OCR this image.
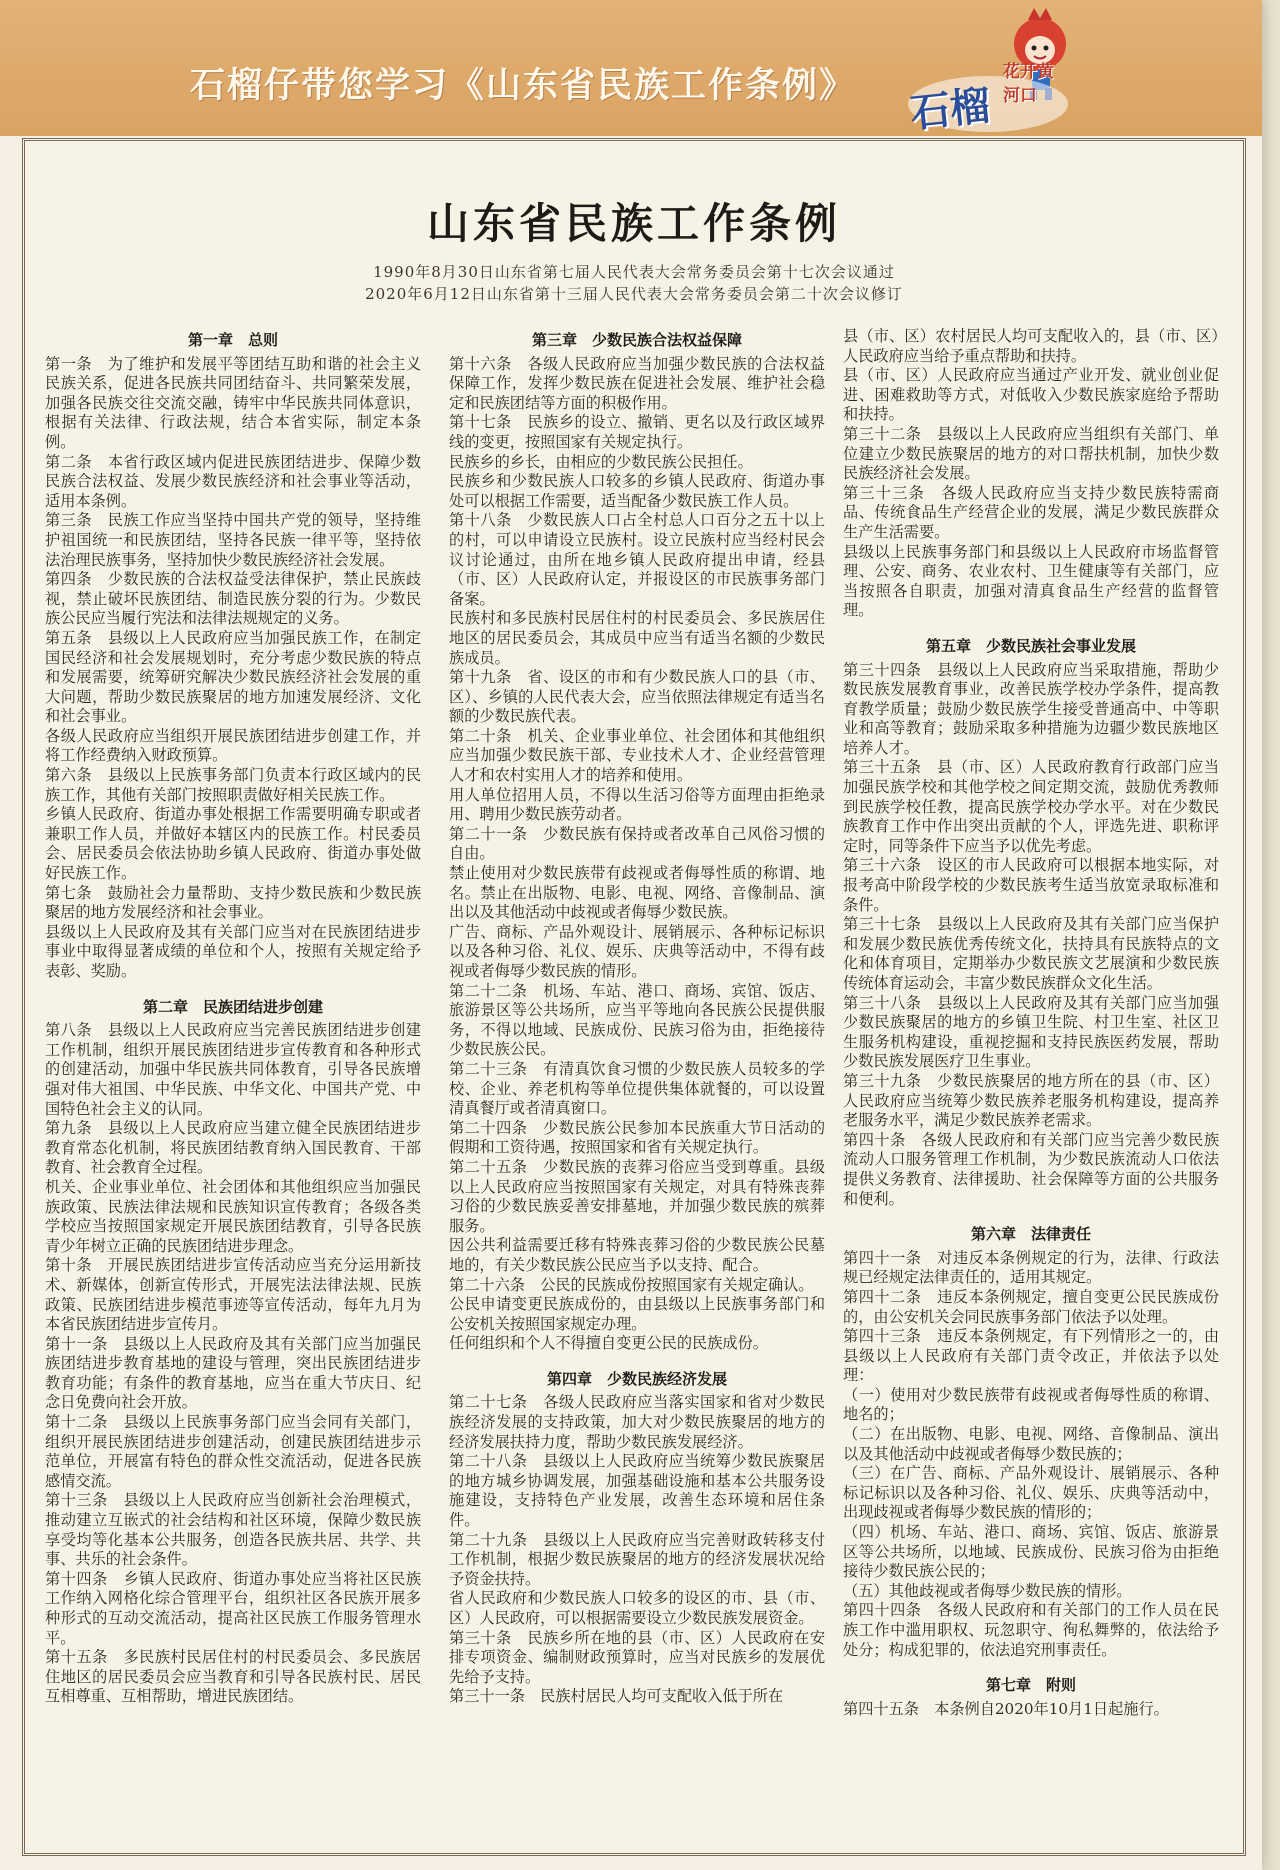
石榴仔带您学习《山东省民族工作条例》 石榴
花开黄河口
山东省民族工作条例
1990年8月30日山东省第七届人民代表大会常务委员会第十七次会议通过
2020年6月12日山东省第十三届人民代表大会常务委员会第二十次会议修订
第一章　总则

第一条　为了维护和发展平等团结互助和谐的社会主义民族关系，促进各民族共同团结奋斗、共同繁荣发展，加强各民族交往交流交融，铸牢中华民族共同体意识，根据有关法律、行政法规，结合本省实际，制定本条例。

第二条　本省行政区域内促进民族团结进步、保障少数民族合法权益、发展少数民族经济和社会事业等活动，适用本条例。

第三条　民族工作应当坚持中国共产党的领导，坚持维护祖国统一和民族团结，坚持各民族一律平等，坚持依法治理民族事务，坚持加快少数民族经济社会发展。

第四条　少数民族的合法权益受法律保护，禁止民族歧视，禁止破坏民族团结、制造民族分裂的行为。少数民族公民应当履行宪法和法律法规规定的义务。

第五条　县级以上人民政府应当加强民族工作，在制定国民经济和社会发展规划时，充分考虑少数民族的特点和发展需要，统筹研究解决少数民族经济社会发展的重大问题，帮助少数民族聚居的地方加速发展经济、文化和社会事业。

各级人民政府应当组织开展民族团结进步创建工作，并将工作经费纳入财政预算。

第六条　县级以上民族事务部门负责本行政区域内的民族工作，其他有关部门按照职责做好相关民族工作。

乡镇人民政府、街道办事处根据工作需要明确专职或者兼职工作人员，并做好本辖区内的民族工作。村民委员会、居民委员会依法协助乡镇人民政府、街道办事处做好民族工作。

第七条　鼓励社会力量帮助、支持少数民族和少数民族聚居的地方发展经济和社会事业。

县级以上人民政府及其有关部门应当对在民族团结进步事业中取得显著成绩的单位和个人，按照有关规定给予表彰、奖励。

第二章　民族团结进步创建

第八条　县级以上人民政府应当完善民族团结进步创建工作机制，组织开展民族团结进步宣传教育和各种形式的创建活动，加强中华民族共同体教育，引导各民族增强对伟大祖国、中华民族、中华文化、中国共产党、中国特色社会主义的认同。

第九条　县级以上人民政府应当建立健全民族团结进步教育常态化机制，将民族团结教育纳入国民教育、干部教育、社会教育全过程。

机关、企业事业单位、社会团体和其他组织应当加强民族政策、民族法律法规和民族知识宣传教育；各级各类学校应当按照国家规定开展民族团结教育，引导各民族青少年树立正确的民族团结进步理念。

第十条　开展民族团结进步宣传活动应当充分运用新技术、新媒体，创新宣传形式，开展宪法法律法规、民族政策、民族团结进步模范事迹等宣传活动，每年九月为本省民族团结进步宣传月。

第十一条　县级以上人民政府及其有关部门应当加强民族团结进步教育基地的建设与管理，突出民族团结进步教育功能；有条件的教育基地，应当在重大节庆日、纪念日免费向社会开放。

第十二条　县级以上民族事务部门应当会同有关部门，组织开展民族团结进步创建活动，创建民族团结进步示范单位，开展富有特色的群众性交流活动，促进各民族感情交流。

第十三条　县级以上人民政府应当创新社会治理模式，推动建立互嵌式的社会结构和社区环境，保障少数民族享受均等化基本公共服务，创造各民族共居、共学、共事、共乐的社会条件。

第十四条　乡镇人民政府、街道办事处应当将社区民族工作纳入网格化综合管理平台，组织社区各民族开展多种形式的互动交流活动，提高社区民族工作服务管理水平。

第十五条　多民族村民居住村的村民委员会、多民族居住地区的居民委员会应当教育和引导各民族村民、居民互相尊重、互相帮助，增进民族团结。

第三章　少数民族合法权益保障

第十六条　各级人民政府应当加强少数民族的合法权益保障工作，发挥少数民族在促进社会发展、维护社会稳定和民族团结等方面的积极作用。

第十七条　民族乡的设立、撤销、更名以及行政区域界线的变更，按照国家有关规定执行。

民族乡的乡长，由相应的少数民族公民担任。

民族乡和少数民族人口较多的乡镇人民政府、街道办事处可以根据工作需要，适当配备少数民族工作人员。

第十八条　少数民族人口占全村总人口百分之五十以上的村，可以申请设立民族村。设立民族村应当经村民会议讨论通过，由所在地乡镇人民政府提出申请，经县（市、区）人民政府认定，并报设区的市民族事务部门备案。

民族村和多民族村民居住村的村民委员会、多民族居住地区的居民委员会，其成员中应当有适当名额的少数民族成员。

第十九条　省、设区的市和有少数民族人口的县（市、区）、乡镇的人民代表大会，应当依照法律规定有适当名额的少数民族代表。

第二十条　机关、企业事业单位、社会团体和其他组织应当加强少数民族干部、专业技术人才、企业经营管理人才和农村实用人才的培养和使用。

用人单位招用人员，不得以生活习俗等方面理由拒绝录用、聘用少数民族劳动者。

第二十一条　少数民族有保持或者改革自己风俗习惯的自由。

禁止使用对少数民族带有歧视或者侮辱性质的称谓、地名。禁止在出版物、电影、电视、网络、音像制品、演出以及其他活动中歧视或者侮辱少数民族。

广告、商标、产品外观设计、展销展示、各种标记标识以及各种习俗、礼仪、娱乐、庆典等活动中，不得有歧视或者侮辱少数民族的情形。

第二十二条　机场、车站、港口、商场、宾馆、饭店、旅游景区等公共场所，应当平等地向各民族公民提供服务，不得以地域、民族成份、民族习俗为由，拒绝接待少数民族公民。

第二十三条　有清真饮食习惯的少数民族人员较多的学校、企业、养老机构等单位提供集体就餐的，可以设置清真餐厅或者清真窗口。

第二十四条　少数民族公民参加本民族重大节日活动的假期和工资待遇，按照国家和省有关规定执行。

第二十五条　少数民族的丧葬习俗应当受到尊重。县级以上人民政府应当按照国家有关规定，对具有特殊丧葬习俗的少数民族妥善安排墓地，并加强少数民族的殡葬服务。

因公共利益需要迁移有特殊丧葬习俗的少数民族公民墓地的，有关少数民族公民应当予以支持、配合。

第二十六条　公民的民族成份按照国家有关规定确认。

公民申请变更民族成份的，由县级以上民族事务部门和公安机关按照国家规定办理。

任何组织和个人不得擅自变更公民的民族成份。

第四章　少数民族经济发展

第二十七条　各级人民政府应当落实国家和省对少数民族经济发展的支持政策，加大对少数民族聚居的地方的经济发展扶持力度，帮助少数民族发展经济。

第二十八条　县级以上人民政府应当统筹少数民族聚居的地方城乡协调发展，加强基础设施和基本公共服务设施建设，支持特色产业发展，改善生态环境和居住条件。

第二十九条　县级以上人民政府应当完善财政转移支付工作机制，根据少数民族聚居的地方的经济发展状况给予资金扶持。

省人民政府和少数民族人口较多的设区的市、县（市、区）人民政府，可以根据需要设立少数民族发展资金。

第三十条　民族乡所在地的县（市、区）人民政府在安排专项资金、编制财政预算时，应当对民族乡的发展优先给予支持。

第三十一条　民族村居民人均可支配收入低于所在

县（市、区）农村居民人均可支配收入的，县（市、区）人民政府应当给予重点帮助和扶持。

县（市、区）人民政府应当通过产业开发、就业创业促进、困难救助等方式，对低收入少数民族家庭给予帮助和扶持。

第三十二条　县级以上人民政府应当组织有关部门、单位建立少数民族聚居的地方的对口帮扶机制，加快少数民族经济社会发展。

第三十三条　各级人民政府应当支持少数民族特需商品、传统食品生产经营企业的发展，满足少数民族群众生产生活需要。

县级以上民族事务部门和县级以上人民政府市场监督管理、公安、商务、农业农村、卫生健康等有关部门，应当按照各自职责，加强对清真食品生产经营的监督管理。

第五章　少数民族社会事业发展

第三十四条　县级以上人民政府应当采取措施，帮助少数民族发展教育事业，改善民族学校办学条件，提高教育教学质量；鼓励少数民族学生接受普通高中、中等职业和高等教育；鼓励采取多种措施为边疆少数民族地区培养人才。

第三十五条　县（市、区）人民政府教育行政部门应当加强民族学校和其他学校之间定期交流，鼓励优秀教师到民族学校任教，提高民族学校办学水平。对在少数民族教育工作中作出突出贡献的个人，评选先进、职称评定时，同等条件下应当予以优先考虑。

第三十六条　设区的市人民政府可以根据本地实际，对报考高中阶段学校的少数民族考生适当放宽录取标准和条件。

第三十七条　县级以上人民政府及其有关部门应当保护和发展少数民族优秀传统文化，扶持具有民族特点的文化和体育项目，定期举办少数民族文艺展演和少数民族传统体育运动会，丰富少数民族群众文化生活。

第三十八条　县级以上人民政府及其有关部门应当加强少数民族聚居的地方的乡镇卫生院、村卫生室、社区卫生服务机构建设，重视挖掘和支持民族医药发展，帮助少数民族发展医疗卫生事业。

第三十九条　少数民族聚居的地方所在的县（市、区）人民政府应当统筹少数民族养老服务机构建设，提高养老服务水平，满足少数民族养老需求。

第四十条　各级人民政府和有关部门应当完善少数民族流动人口服务管理工作机制，为少数民族流动人口依法提供义务教育、法律援助、社会保障等方面的公共服务和便利。

第六章　法律责任

第四十一条　对违反本条例规定的行为，法律、行政法规已经规定法律责任的，适用其规定。

第四十二条　违反本条例规定，擅自变更公民民族成份的，由公安机关会同民族事务部门依法予以处理。

第四十三条　违反本条例规定，有下列情形之一的，由县级以上人民政府有关部门责令改正，并依法予以处理：

（一）使用对少数民族带有歧视或者侮辱性质的称谓、地名的；

（二）在出版物、电影、电视、网络、音像制品、演出以及其他活动中歧视或者侮辱少数民族的；

（三）在广告、商标、产品外观设计、展销展示、各种标记标识以及各种习俗、礼仪、娱乐、庆典等活动中，出现歧视或者侮辱少数民族的情形的；

（四）机场、车站、港口、商场、宾馆、饭店、旅游景区等公共场所，以地域、民族成份、民族习俗为由拒绝接待少数民族公民的；

（五）其他歧视或者侮辱少数民族的情形。

第四十四条　各级人民政府和有关部门的工作人员在民族工作中滥用职权、玩忽职守、徇私舞弊的，依法给予处分；构成犯罪的，依法追究刑事责任。

第七章　附则

第四十五条　本条例自2020年10月1日起施行。
